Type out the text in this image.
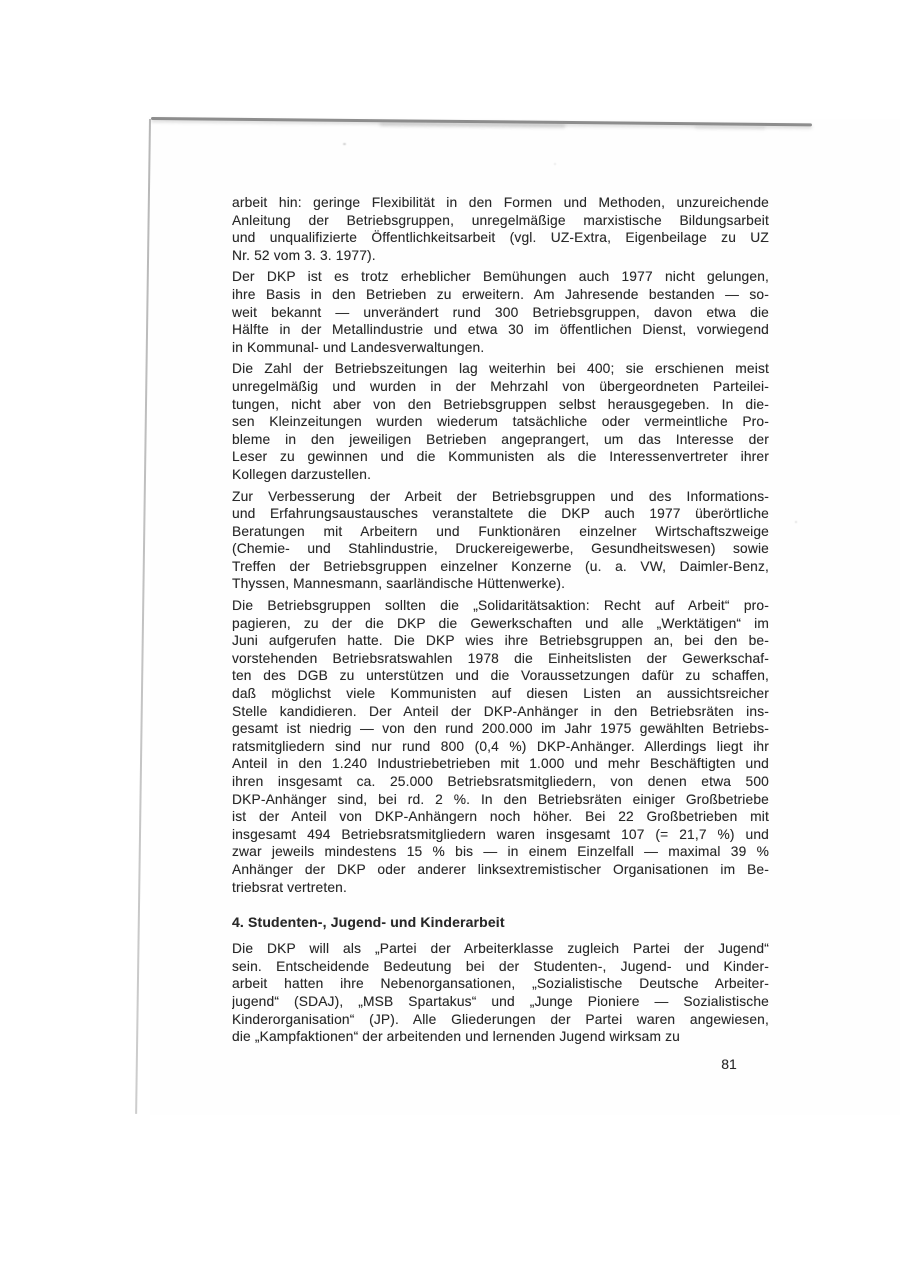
arbeit hin: geringe Flexibilität in den Formen und Methoden, unzureichende
Anleitung der Betriebsgruppen, unregelmäßige marxistische Bildungsarbeit
und unqualifizierte Öffentlichkeitsarbeit (vgl. UZ-Extra, Eigenbeilage zu UZ
Nr. 52 vom 3. 3. 1977).
Der DKP ist es trotz erheblicher Bemühungen auch 1977 nicht gelungen,
ihre Basis in den Betrieben zu erweitern. Am Jahresende bestanden — so-
weit bekannt — unverändert rund 300 Betriebsgruppen, davon etwa die
Hälfte in der Metallindustrie und etwa 30 im öffentlichen Dienst, vorwiegend
in Kommunal- und Landesverwaltungen.
Die Zahl der Betriebszeitungen lag weiterhin bei 400; sie erschienen meist
unregelmäßig und wurden in der Mehrzahl von übergeordneten Parteilei-
tungen, nicht aber von den Betriebsgruppen selbst herausgegeben. In die-
sen Kleinzeitungen wurden wiederum tatsächliche oder vermeintliche Pro-
bleme in den jeweiligen Betrieben angeprangert, um das Interesse der
Leser zu gewinnen und die Kommunisten als die Interessenvertreter ihrer
Kollegen darzustellen.
Zur Verbesserung der Arbeit der Betriebsgruppen und des Informations-
und Erfahrungsaustausches veranstaltete die DKP auch 1977 überörtliche
Beratungen mit Arbeitern und Funktionären einzelner Wirtschaftszweige
(Chemie- und Stahlindustrie, Druckereigewerbe, Gesundheitswesen) sowie
Treffen der Betriebsgruppen einzelner Konzerne (u. a. VW, Daimler-Benz,
Thyssen, Mannesmann, saarländische Hüttenwerke).
Die Betriebsgruppen sollten die „Solidaritätsaktion: Recht auf Arbeit“ pro-
pagieren, zu der die DKP die Gewerkschaften und alle „Werktätigen“ im
Juni aufgerufen hatte. Die DKP wies ihre Betriebsgruppen an, bei den be-
vorstehenden Betriebsratswahlen 1978 die Einheitslisten der Gewerkschaf-
ten des DGB zu unterstützen und die Voraussetzungen dafür zu schaffen,
daß möglichst viele Kommunisten auf diesen Listen an aussichtsreicher
Stelle kandidieren. Der Anteil der DKP-Anhänger in den Betriebsräten ins-
gesamt ist niedrig — von den rund 200.000 im Jahr 1975 gewählten Betriebs-
ratsmitgliedern sind nur rund 800 (0,4 %) DKP-Anhänger. Allerdings liegt ihr
Anteil in den 1.240 Industriebetrieben mit 1.000 und mehr Beschäftigten und
ihren insgesamt ca. 25.000 Betriebsratsmitgliedern, von denen etwa 500
DKP-Anhänger sind, bei rd. 2 %. In den Betriebsräten einiger Großbetriebe
ist der Anteil von DKP-Anhängern noch höher. Bei 22 Großbetrieben mit
insgesamt 494 Betriebsratsmitgliedern waren insgesamt 107 (= 21,7 %) und
zwar jeweils mindestens 15 % bis — in einem Einzelfall — maximal 39 %
Anhänger der DKP oder anderer linksextremistischer Organisationen im Be-
triebsrat vertreten.
4. Studenten-, Jugend- und Kinderarbeit
Die DKP will als „Partei der Arbeiterklasse zugleich Partei der Jugend“
sein. Entscheidende Bedeutung bei der Studenten-, Jugend- und Kinder-
arbeit hatten ihre Nebenorgansationen, „Sozialistische Deutsche Arbeiter-
jugend“ (SDAJ), „MSB Spartakus“ und „Junge Pioniere — Sozialistische
Kinderorganisation“ (JP). Alle Gliederungen der Partei waren angewiesen,
die „Kampfaktionen“ der arbeitenden und lernenden Jugend wirksam zu
81
